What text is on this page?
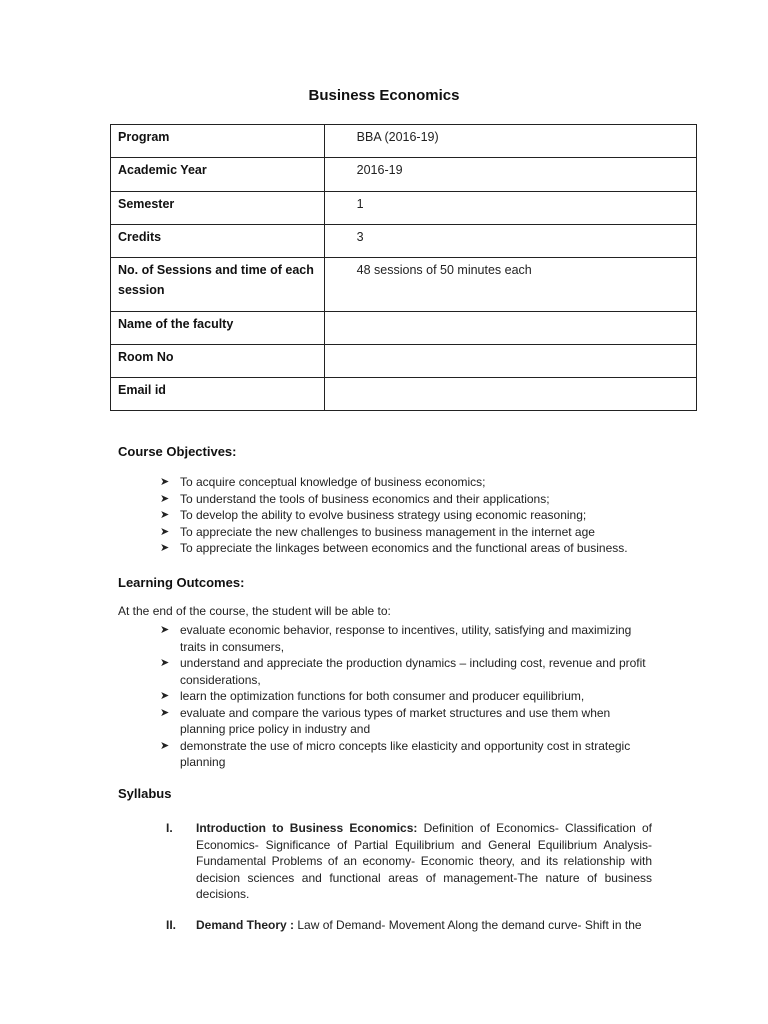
Business Economics
Program	BBA (2016-19)

Academic Year	2016-19

Semester	1

Credits	3

No. of Sessions and time of each session	48 sessions of 50 minutes each

Name of the faculty	

Room No	

Email id	

Course Objectives:
➤ To acquire conceptual knowledge of business economics;
➤ To understand the tools of business economics and their applications;
➤ To develop the ability to evolve business strategy using economic reasoning;
➤ To appreciate the new challenges to business management in the internet age
➤ To appreciate the linkages between economics and the functional areas of business.
Learning Outcomes:
At the end of the course, the student will be able to:
➤ evaluate economic behavior, response to incentives, utility, satisfying and maximizing traits in consumers,
➤ understand and appreciate the production dynamics – including cost, revenue and profit considerations,
➤ learn the optimization functions for both consumer and producer equilibrium,
➤ evaluate and compare the various types of market structures and use them when planning price policy in industry and
➤ demonstrate the use of micro concepts like elasticity and opportunity cost in strategic planning
Syllabus
I.	Introduction to Business Economics: Definition of Economics- Classification of Economics- Significance of Partial Equilibrium and General Equilibrium Analysis- Fundamental Problems of an economy- Economic theory, and its relationship with decision sciences and functional areas of management-The nature of business decisions.
II.	Demand Theory : Law of Demand- Movement Along the demand curve- Shift in the
